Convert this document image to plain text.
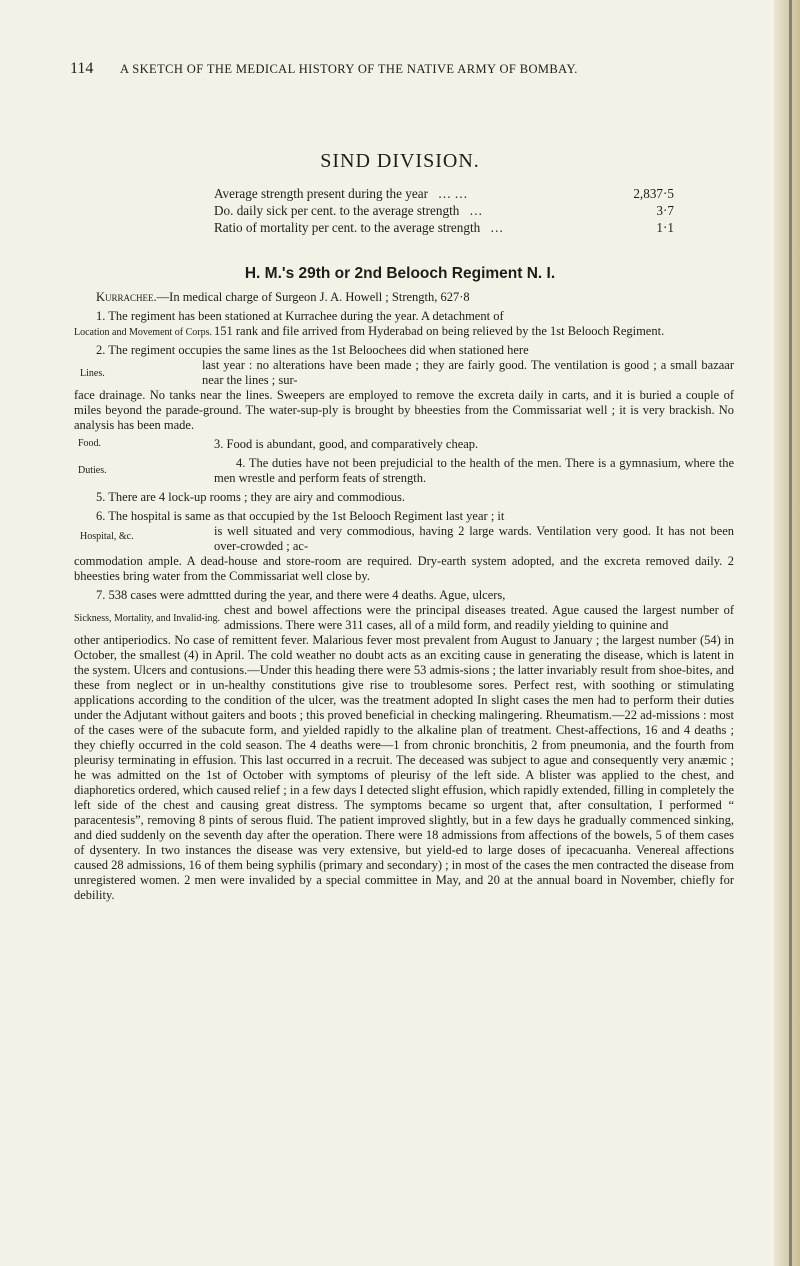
114 A SKETCH OF THE MEDICAL HISTORY OF THE NATIVE ARMY OF BOMBAY.
SIND DIVISION.
Average strength present during the year … …	2,837·5
Do. daily sick per cent. to the average strength …	3·7
Ratio of mortality per cent. to the average strength …	1·1
H. M.'s 29th or 2nd Belooch Regiment N. I.

Kurrachee.—In medical charge of Surgeon J. A. Howell ; Strength, 627·8

1. The regiment has been stationed at Kurrachee during the year. A detachment of

Location and Movement of Corps. 151 rank and file arrived from Hyderabad on being relieved by the 1st Belooch Regiment.

2. The regiment occupies the same lines as the 1st Beloochees did when stationed here

Lines.
last year : no alterations have been made ; they are fairly good. The ventilation is good ; a small bazaar near the lines ; sur-

face drainage. No tanks near the lines. Sweepers are employed to remove the excreta daily in carts, and it is buried a couple of miles beyond the parade-ground. The water-sup-ply is brought by bheesties from the Commissariat well ; it is very brackish. No analysis has been made.

Food.	3. Food is abundant, good, and comparatively cheap.
Duties.
4. The duties have not been prejudicial to the health of the men. There is a gymnasium, where the men wrestle and perform feats of strength.

5. There are 4 lock-up rooms ; they are airy and commodious.

6. The hospital is same as that occupied by the 1st Belooch Regiment last year ; it

Hospital, &c.	is well situated and very commodious, having 2 large wards. Ventilation very good. It has not been over-crowded ; ac-

commodation ample. A dead-house and store-room are required. Dry-earth system adopted, and the excreta removed daily. 2 bheesties bring water from the Commissariat well close by.

7. 538 cases were admttted during the year, and there were 4 deaths. Ague, ulcers,

Sickness, Mortality, and Invalid-ing.
chest and bowel affections were the principal diseases treated. Ague caused the largest number of admissions. There were 311 cases, all of a mild form, and readily yielding to quinine and

other antiperiodics. No case of remittent fever. Malarious fever most prevalent from August to January ; the largest number (54) in October, the smallest (4) in April. The cold weather no doubt acts as an exciting cause in generating the disease, which is latent in the system. Ulcers and contusions.—Under this heading there were 53 admis-sions ; the latter invariably result from shoe-bites, and these from neglect or in un-healthy constitutions give rise to troublesome sores. Perfect rest, with soothing or stimulating applications according to the condition of the ulcer, was the treatment adopted In slight cases the men had to perform their duties under the Adjutant without gaiters and boots ; this proved beneficial in checking malingering. Rheumatism.—22 ad-missions : most of the cases were of the subacute form, and yielded rapidly to the alkaline plan of treatment. Chest-affections, 16 and 4 deaths ; they chiefly occurred in the cold season. The 4 deaths were—1 from chronic bronchitis, 2 from pneumonia, and the fourth from pleurisy terminating in effusion. This last occurred in a recruit. The deceased was subject to ague and consequently very anæmic ; he was admitted on the 1st of October with symptoms of pleurisy of the left side. A blister was applied to the chest, and diaphoretics ordered, which caused relief ; in a few days I detected slight effusion, which rapidly extended, filling in completely the left side of the chest and causing great distress. The symptoms became so urgent that, after consultation, I performed “ paracentesis”, removing 8 pints of serous fluid. The patient improved slightly, but in a few days he gradually commenced sinking, and died suddenly on the seventh day after the operation. There were 18 admissions from affections of the bowels, 5 of them cases of dysentery. In two instances the disease was very extensive, but yield-ed to large doses of ipecacuanha. Venereal affections caused 28 admissions, 16 of them being syphilis (primary and secondary) ; in most of the cases the men contracted the disease from unregistered women. 2 men were invalided by a special committee in May, and 20 at the annual board in November, chiefly for debility.
